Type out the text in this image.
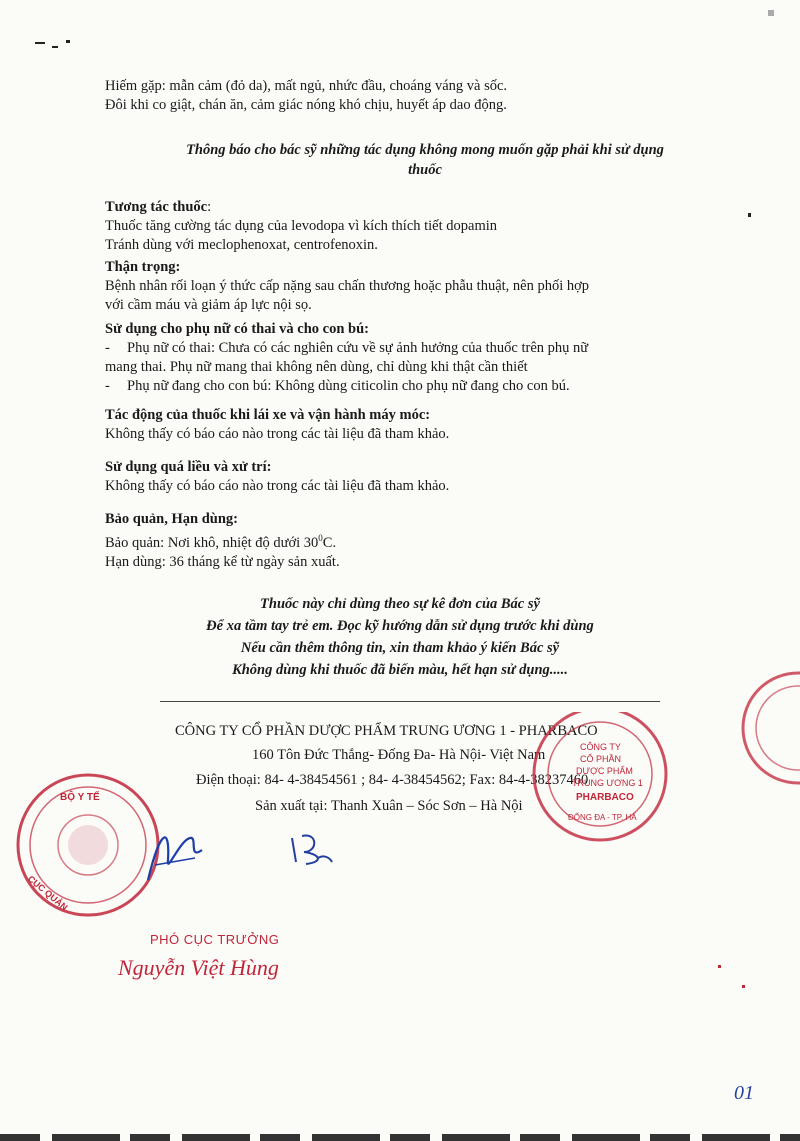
Hiếm gặp: mẫn cảm (đỏ da), mất ngủ, nhức đầu, choáng váng và sốc.
Đôi khi co giật, chán ăn, cảm giác nóng khó chịu, huyết áp dao động.
Thông báo cho bác sỹ những tác dụng không mong muốn gặp phải khi sử dụng
thuốc
Tương tác thuốc:
Thuốc tăng cường tác dụng của levodopa vì kích thích tiết dopamin
Tránh dùng với meclophenoxat, centrofenoxin.
Thận trọng:
Bệnh nhân rối loạn ý thức cấp nặng sau chấn thương hoặc phẫu thuật, nên phối hợp
với cầm máu và giảm áp lực nội sọ.
Sử dụng cho phụ nữ có thai và cho con bú:
- Phụ nữ có thai: Chưa có các nghiên cứu về sự ảnh hưởng của thuốc trên phụ nữ
mang thai. Phụ nữ mang thai không nên dùng, chỉ dùng khi thật cần thiết
- Phụ nữ đang cho con bú: Không dùng citicolin cho phụ nữ đang cho con bú.
Tác động của thuốc khi lái xe và vận hành máy móc:
Không thấy có báo cáo nào trong các tài liệu đã tham khảo.
Sử dụng quá liều và xử trí:
Không thấy có báo cáo nào trong các tài liệu đã tham khảo.
Bảo quản, Hạn dùng:
Bảo quản: Nơi khô, nhiệt độ dưới $30^0C$.
Hạn dùng: 36 tháng kể từ ngày sản xuất.
Thuốc này chỉ dùng theo sự kê đơn của Bác sỹ
Để xa tầm tay trẻ em. Đọc kỹ hướng dẫn sử dụng trước khi dùng
Nếu cần thêm thông tin, xin tham khảo ý kiến Bác sỹ
Không dùng khi thuốc đã biến màu, hết hạn sử dụng.....
CÔNG TY CỔ PHẦN DƯỢC PHẨM TRUNG ƯƠNG 1 - PHARBACO
160 Tôn Đức Thắng- Đống Đa- Hà Nội- Việt Nam
Điện thoại: 84- 4-38454561 ; 84- 4-38454562; Fax: 84-4-38237460
Sản xuất tại: Thanh Xuân – Sóc Sơn – Hà Nội
BỘ Y TẾ
CỤC QUẢN
CÔNG TY
CỔ PHẦN
DƯỢC PHẨM
TRUNG ƯƠNG 1
PHARBACO
ĐỐNG ĐA - TP. HÀ
PHÓ CỤC TRƯỞNG
Nguyễn Việt Hùng
01
